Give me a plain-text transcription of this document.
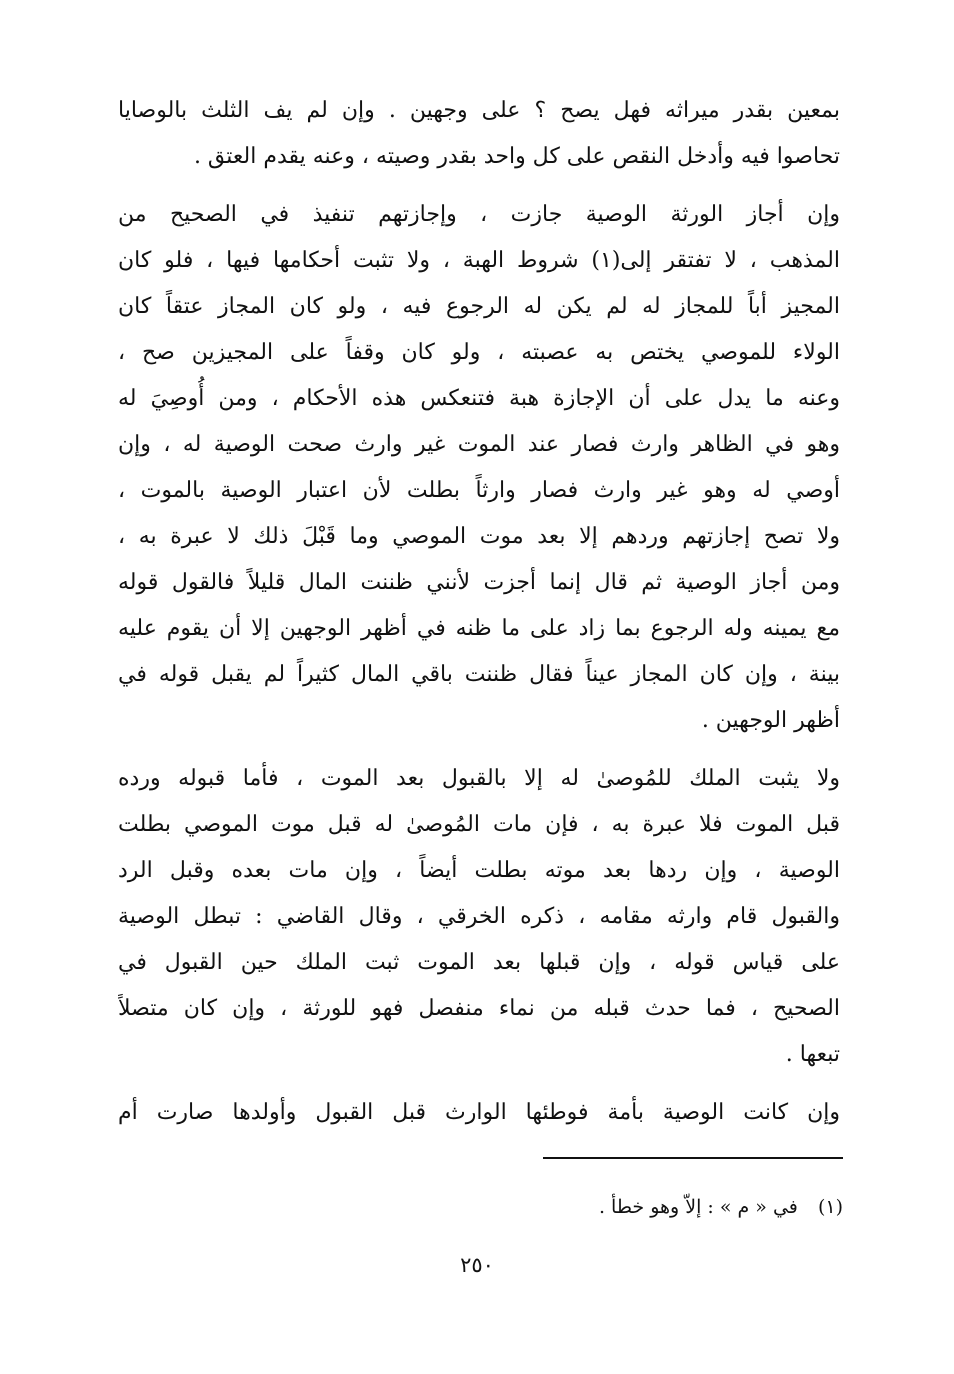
بمعين بقدر ميراثه فهل يصح ؟ على وجهين . وإن لم يف الثلث بالوصايا
تحاصوا فيه وأدخل النقص على كل واحد بقدر وصيته ، وعنه يقدم العتق .
وإن أجاز الورثة الوصية جازت ، وإجازتهم تنفيذ في الصحيح من
المذهب ، لا تفتقر إلى(١) شروط الهبة ، ولا تثبت أحكامها فيها ، فلو كان
المجيز أباً للمجاز له لم يكن له الرجوع فيه ، ولو كان المجاز عتقاً كان
الولاء للموصي يختص به عصبته ، ولو كان وقفاً على المجيزين صح ،
وعنه ما يدل على أن الإجازة هبة فتنعكس هذه الأحكام ، ومن أُوصِيَ له
وهو في الظاهر وارث فصار عند الموت غير وارث صحت الوصية له ، وإن
أوصي له وهو غير وارث فصار وارثاً بطلت لأن اعتبار الوصية بالموت ،
ولا تصح إجازتهم وردهم إلا بعد موت الموصي وما قَبْلَ ذلك لا عبرة به ،
ومن أجاز الوصية ثم قال إنما أجزت لأنني ظننت المال قليلاً فالقول قوله
مع يمينه وله الرجوع بما زاد على ما ظنه في أظهر الوجهين إلا أن يقوم عليه
بينة ، وإن كان المجاز عيناً فقال ظننت باقي المال كثيراً لم يقبل قوله في
أظهر الوجهين .
ولا يثبت الملك للمُوصىٰ له إلا بالقبول بعد الموت ، فأما قبوله ورده
قبل الموت فلا عبرة به ، فإن مات المُوصىٰ له قبل موت الموصي بطلت
الوصية ، وإن ردها بعد موته بطلت أيضاً ، وإن مات بعده وقبل الرد
والقبول قام وارثه مقامه ، ذكره الخرقي ، وقال القاضي : تبطل الوصية
على قياس قوله ، وإن قبلها بعد الموت ثبت الملك حين القبول في
الصحيح ، فما حدث قبله من نماء منفصل فهو للورثة ، وإن كان متصلاً
تبعها .
وإن كانت الوصية بأمة فوطئها الوارث قبل القبول وأولدها صارت أم
(١) في « م » : إلاّ وهو خطأ .
٢٥٠
